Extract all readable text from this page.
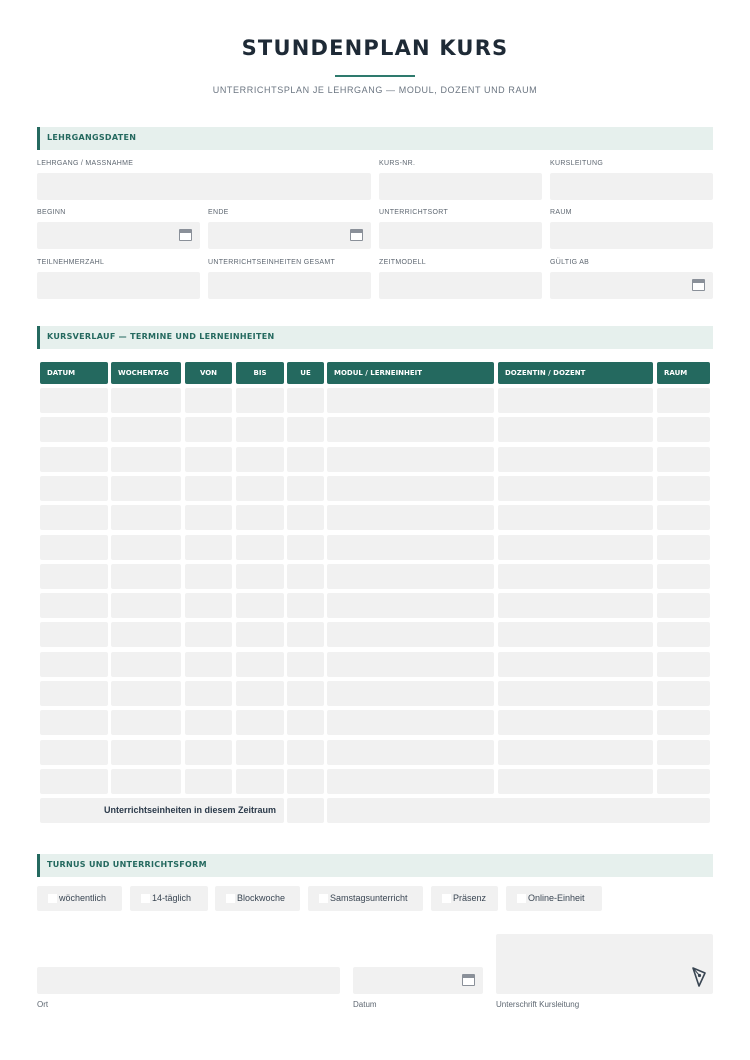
STUNDENPLAN KURS
UNTERRICHTSPLAN JE LEHRGANG — MODUL, DOZENT UND RAUM
LEHRGANGSDATEN
LEHRGANG / MASSNAHME	KURS-NR.	KURSLEITUNG
BEGINN	ENDE	UNTERRICHTSORT	RAUM
TEILNEHMERZAHL	UNTERRICHTSEINHEITEN GESAMT	ZEITMODELL	GÜLTIG AB
KURSVERLAUF — TERMINE UND LERNEINHEITEN
DATUM	WOCHENTAG	VON	BIS	UE	MODUL / LERNEINHEIT	DOZENTIN / DOZENT	RAUM
Unterrichtseinheiten in diesem Zeitraum
TURNUS UND UNTERRICHTSFORM
wöchentlich	14-täglich	Blockwoche	Samstagsunterricht	Präsenz	Online-Einheit
Ort	Datum	Unterschrift Kursleitung
